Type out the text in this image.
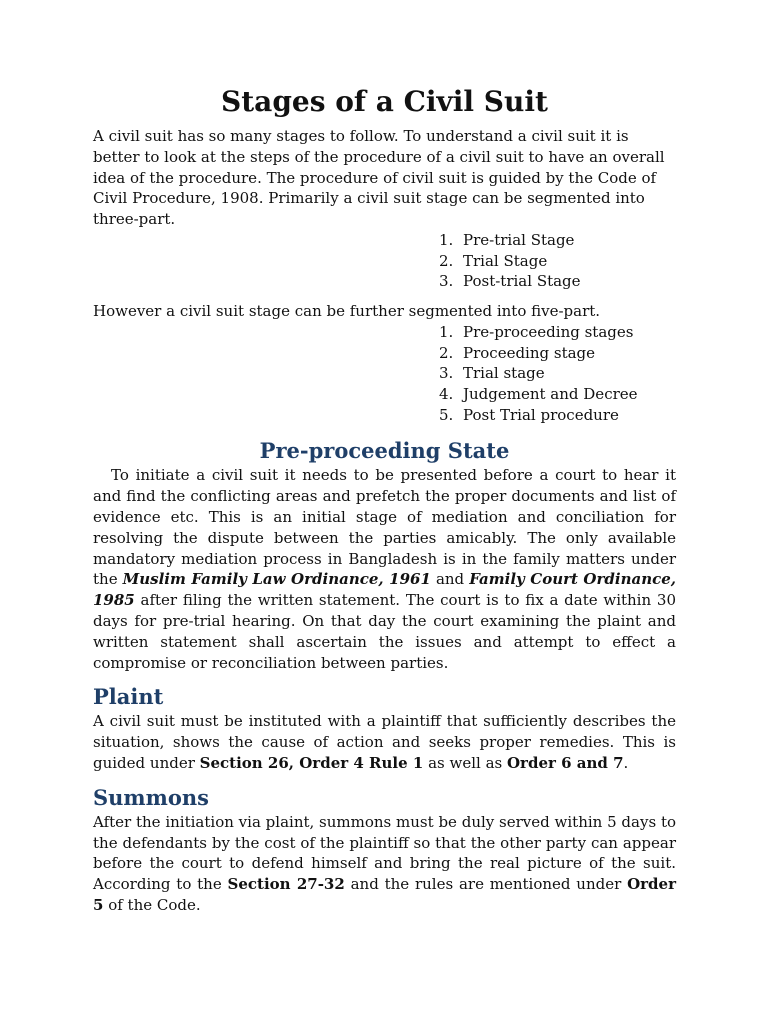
Stages of a Civil Suit

A civil suit has so many stages to follow. To understand a civil suit it is better to look at the steps of the procedure of a civil suit to have an overall idea of the procedure. The procedure of civil suit is guided by the Code of Civil Procedure, 1908. Primarily a civil suit stage can be segmented into three-part.

1. Pre-trial Stage
2. Trial Stage
3. Post-trial Stage

However a civil suit stage can be further segmented into five-part.

1. Pre-proceeding stages
2. Proceeding stage
3. Trial stage
4. Judgement and Decree
5. Post Trial procedure
Pre-proceeding State

To initiate a civil suit it needs to be presented before a court to hear it and find the conflicting areas and prefetch the proper documents and list of evidence etc. This is an initial stage of mediation and conciliation for resolving the dispute between the parties amicably. The only available mandatory mediation process in Bangladesh is in the family matters under the Muslim Family Law Ordinance, 1961 and Family Court Ordinance, 1985 after filing the written statement. The court is to fix a date within 30 days for pre-trial hearing. On that day the court examining the plaint and written statement shall ascertain the issues and attempt to effect a compromise or reconciliation between parties.

Plaint

A civil suit must be instituted with a plaintiff that sufficiently describes the situation, shows the cause of action and seeks proper remedies. This is guided under Section 26, Order 4 Rule 1 as well as Order 6 and 7.

Summons

After the initiation via plaint, summons must be duly served within 5 days to the defendants by the cost of the plaintiff so that the other party can appear before the court to defend himself and bring the real picture of the suit. According to the Section 27-32 and the rules are mentioned under Order 5 of the Code.
